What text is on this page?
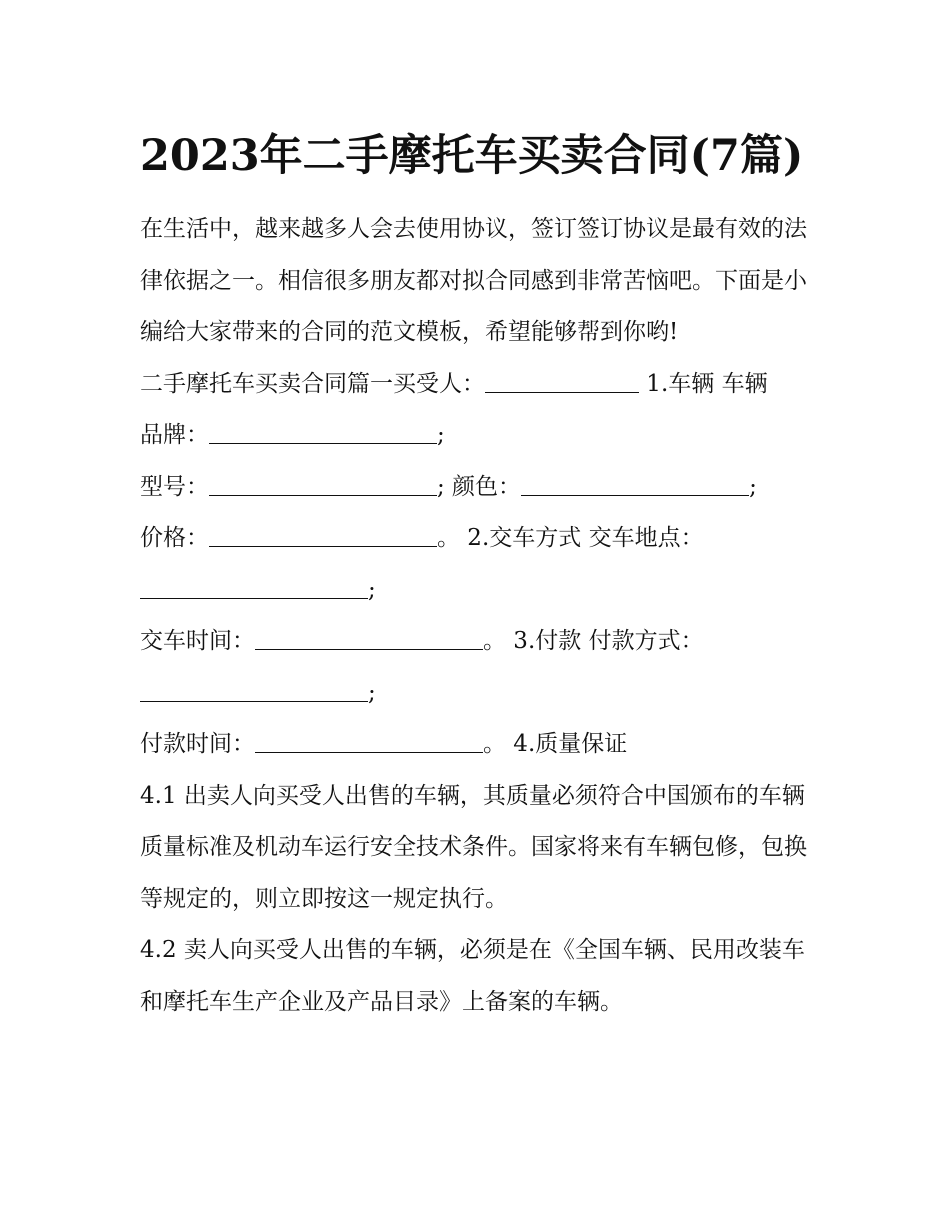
2023年二手摩托车买卖合同(7篇)

在生活中，越来越多人会去使用协议，签订签订协议是最有效的法律依据之一。相信很多朋友都对拟合同感到非常苦恼吧。下面是小编给大家带来的合同的范文模板，希望能够帮到你哟!

二手摩托车买卖合同篇一买受人：	1.车辆 车辆
品牌：	;

型号：	; 颜色：	;

价格：	。 2.交车方式 交车地点：
;

交车时间：	。 3.付款 付款方式：
;

付款时间：	。 4.质量保证

4.1 出卖人向买受人出售的车辆，其质量必须符合中国颁布的车辆质量标准及机动车运行安全技术条件。国家将来有车辆包修，包换等规定的，则立即按这一规定执行。

4.2 卖人向买受人出售的车辆，必须是在《全国车辆、民用改装车和摩托车生产企业及产品目录》上备案的车辆。
